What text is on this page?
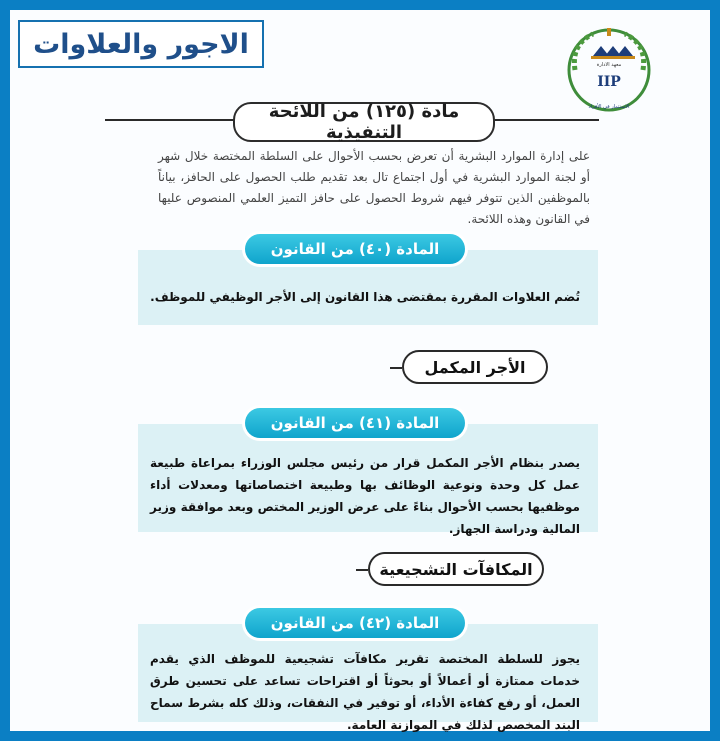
الاجور والعلاوات
معهد الادارة
IIP
الاستثمار في الأفراد
مادة (١٢٥) من اللائحة التنفيذية
على إدارة الموارد البشرية أن تعرض بحسب الأحوال على السلطة المختصة خلال شهر أو لجنة الموارد البشرية في أول اجتماع تال بعد تقديم طلب الحصول على الحافز، بياناً بالموظفين الذين تتوفر فيهم شروط الحصول على حافز التميز العلمي المنصوص عليها في القانون وهذه اللائحة.
المادة (٤٠) من القانون
تُضم العلاوات المقررة بمقتضى هذا القانون إلى الأجر الوظيفي للموظف.
الأجر المكمل
المادة (٤١) من القانون
يصدر بنظام الأجر المكمل قرار من رئيس مجلس الوزراء بمراعاة طبيعة عمل كل وحدة ونوعية الوظائف بها وطبيعة اختصاصاتها ومعدلات أداء موظفيها بحسب الأحوال بناءً على عرض الوزير المختص وبعد موافقة وزير المالية ودراسة الجهاز.
المكافآت التشجيعية
المادة (٤٢) من القانون
يجوز للسلطة المختصة تقرير مكافآت تشجيعية للموظف الذي يقدم خدمات ممتازة أو أعمالاً أو بحوثاً أو اقتراحات تساعد على تحسين طرق العمل، أو رفع كفاءة الأداء، أو توفير في النفقات، وذلك كله بشرط سماح البند المخصص لذلك في الموازنة العامة.
